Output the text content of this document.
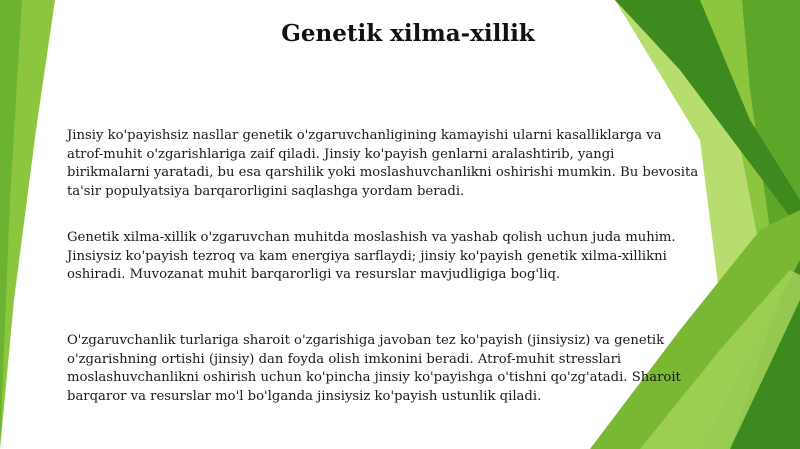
Genetik xilma-xillik

Jinsiy ko'payishsiz nasllar genetik o'zgaruvchanligining kamayishi ularni kasalliklarga va
atrof-muhit o'zgarishlariga zaif qiladi. Jinsiy ko'payish genlarni aralashtirib, yangi
birikmalarni yaratadi, bu esa qarshilik yoki moslashuvchanlikni oshirishi mumkin. Bu bevosita
ta'sir populyatsiya barqarorligini saqlashga yordam beradi.

Genetik xilma-xillik o'zgaruvchan muhitda moslashish va yashab qolish uchun juda muhim.
Jinsiysiz ko'payish tezroq va kam energiya sarflaydi; jinsiy ko'payish genetik xilma-xillikni
oshiradi. Muvozanat muhit barqarorligi va resurslar mavjudligiga bog'liq.

O'zgaruvchanlik turlariga sharoit o'zgarishiga javoban tez ko'payish (jinsiysiz) va genetik
o'zgarishning ortishi (jinsiy) dan foyda olish imkonini beradi. Atrof-muhit stresslari
moslashuvchanlikni oshirish uchun ko'pincha jinsiy ko'payishga o'tishni qo'zg'atadi. Sharoit
barqaror va resurslar mo'l bo'lganda jinsiysiz ko'payish ustunlik qiladi.
